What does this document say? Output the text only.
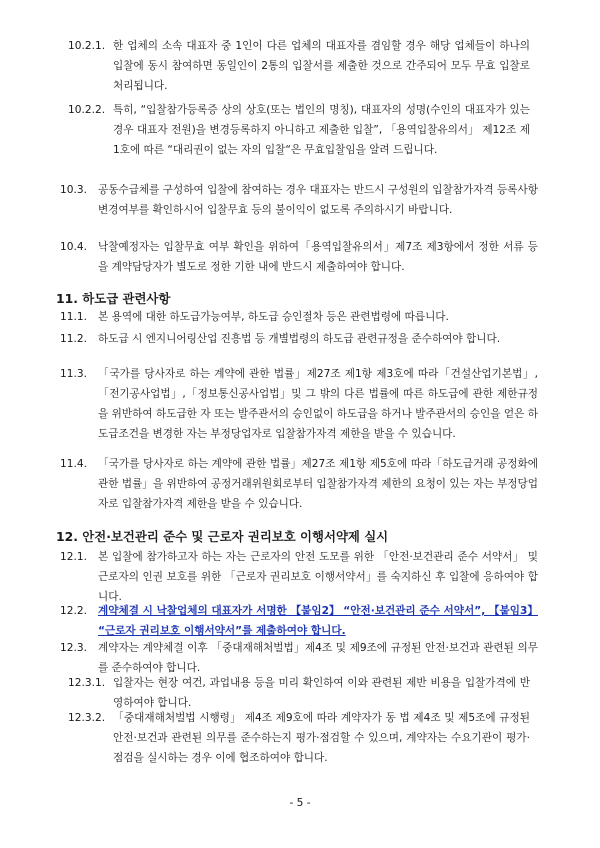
10.2.1. 한 업체의 소속 대표자 중 1인이 다른 업체의 대표자를 겸임할 경우 해당 업체들이 하나의 입찰에 동시 참여하면 동일인이 2통의 입찰서를 제출한 것으로 간주되어 모두 무효 입찰로 처리됩니다.
10.2.2. 특히, “입찰참가등록증 상의 상호(또는 법인의 명칭), 대표자의 성명(수인의 대표자가 있는 경우 대표자 전원)을 변경등록하지 아니하고 제출한 입찰”, 「용역입찰유의서」 제12조 제1호에 따른 “대리권이 없는 자의 입찰“은 무효입찰임을 알려 드립니다.
10.3.	공동수급체를 구성하여 입찰에 참여하는 경우 대표자는 반드시 구성원의 입찰참가자격 등록사항 변경여부를 확인하시어 입찰무효 등의 불이익이 없도록 주의하시기 바랍니다.
10.4.	낙찰예정자는 입찰무효 여부 확인을 위하여「용역입찰유의서」제7조 제3항에서 정한 서류 등을 계약담당자가 별도로 정한 기한 내에 반드시 제출하여야 합니다.
11. 하도급 관련사항
11.1.	본 용역에 대한 하도급가능여부, 하도급 승인절차 등은 관련법령에 따릅니다.
11.2.	하도급 시 엔지니어링산업 진흥법 등 개별법령의 하도급 관련규정을 준수하여야 합니다.
11.3.	「국가를 당사자로 하는 계약에 관한 법률」제27조 제1항 제3호에 따라「건설산업기본법」,「전기공사업법」,「정보통신공사업법」및 그 밖의 다른 법률에 따른 하도급에 관한 제한규정을 위반하여 하도급한 자 또는 발주관서의 승인없이 하도급을 하거나 발주관서의 승인을 얻은 하도급조건을 변경한 자는 부정당업자로 입찰참가자격 제한을 받을 수 있습니다.
11.4.	「국가를 당사자로 하는 계약에 관한 법률」제27조 제1항 제5호에 따라「하도급거래 공정화에 관한 법률」을 위반하여 공정거래위원회로부터 입찰참가자격 제한의 요청이 있는 자는 부정당업자로 입찰참가자격 제한을 받을 수 있습니다.
12. 안전·보건관리 준수 및 근로자 권리보호 이행서약제 실시
12.1.	본 입찰에 참가하고자 하는 자는 근로자의 안전 도모를 위한 「안전·보건관리 준수 서약서」 및 근로자의 인권 보호를 위한 「근로자 권리보호 이행서약서」를 숙지하신 후 입찰에 응하여야 합니다.
12.2.	계약체결 시 낙찰업체의 대표자가 서명한 【붙임2】 “안전·보건관리 준수 서약서”, 【붙임3】 “근로자 권리보호 이행서약서”를 제출하여야 합니다.
12.3.	계약자는 계약체결 이후 「중대재해처벌법」제4조 및 제9조에 규정된 안전·보건과 관련된 의무를 준수하여야 합니다.
12.3.1. 입찰자는 현장 여건, 과업내용 등을 미리 확인하여 이와 관련된 제반 비용을 입찰가격에 반영하여야 합니다.
12.3.2. 「중대재해처벌법 시행령」 제4조 제9호에 따라 계약자가 동 법 제4조 및 제5조에 규정된 안전·보건과 관련된 의무를 준수하는지 평가·점검할 수 있으며, 계약자는 수요기관이 평가·점검을 실시하는 경우 이에 협조하여야 합니다.
- 5 -
